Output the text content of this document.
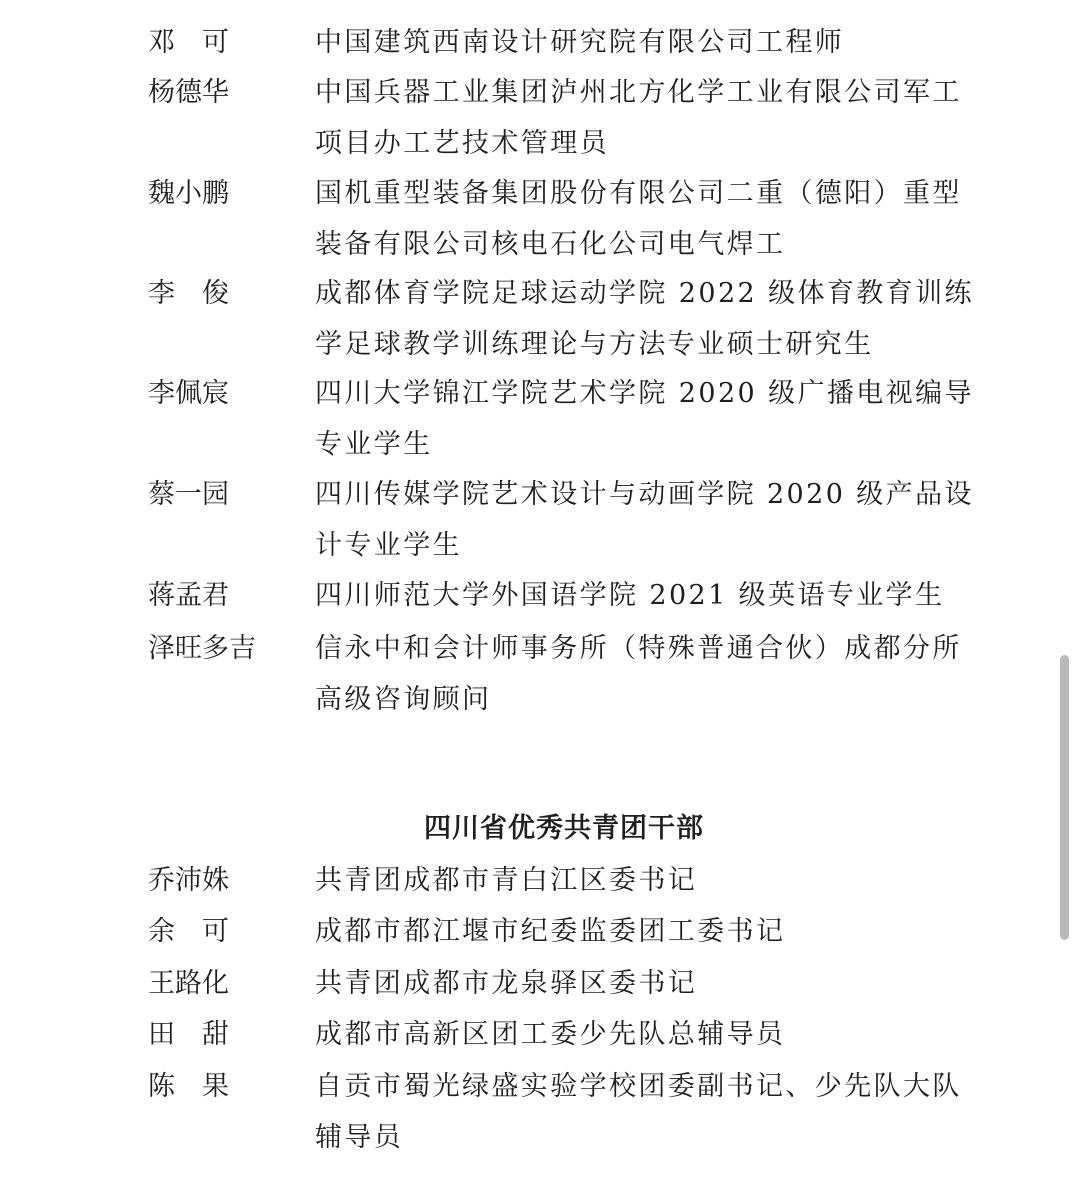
邓　可	中国建筑西南设计研究院有限公司工程师
杨德华	中国兵器工业集团泸州北方化学工业有限公司军工项目办工艺技术管理员
魏小鹏	国机重型装备集团股份有限公司二重（德阳）重型装备有限公司核电石化公司电气焊工
李　俊	成都体育学院足球运动学院 2022 级体育教育训练学足球教学训练理论与方法专业硕士研究生
李佩宸	四川大学锦江学院艺术学院 2020 级广播电视编导专业学生
蔡一园	四川传媒学院艺术设计与动画学院 2020 级产品设计专业学生
蒋孟君	四川师范大学外国语学院 2021 级英语专业学生
泽旺多吉 信永中和会计师事务所（特殊普通合伙）成都分所高级咨询顾问
四川省优秀共青团干部
乔沛姝	共青团成都市青白江区委书记
余　可	成都市都江堰市纪委监委团工委书记
王路化	共青团成都市龙泉驿区委书记
田　甜	成都市高新区团工委少先队总辅导员
陈　果	自贡市蜀光绿盛实验学校团委副书记、少先队大队辅导员
